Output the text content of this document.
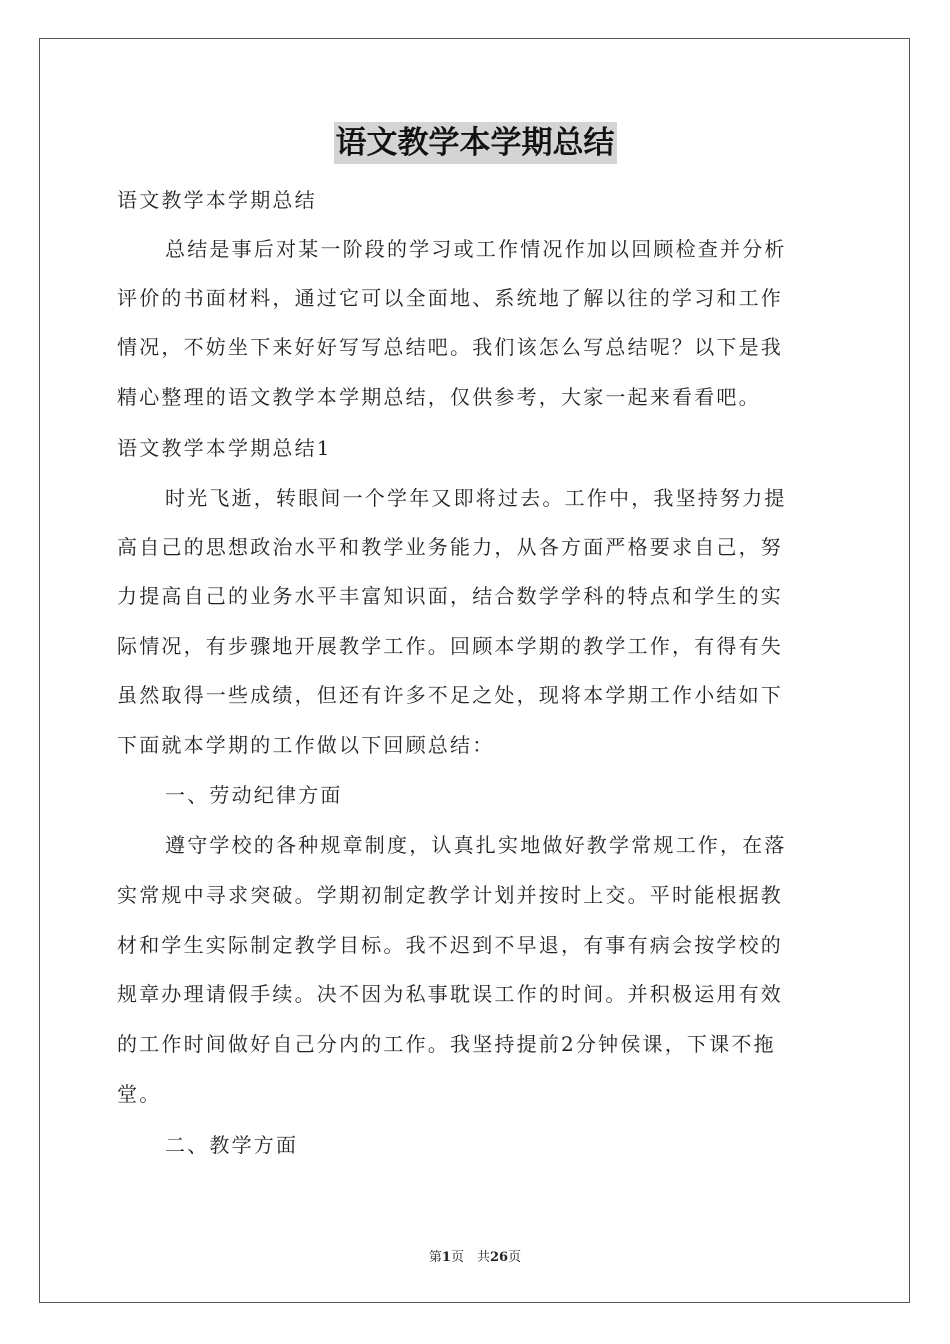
语文教学本学期总结
语文教学本学期总结
总结是事后对某一阶段的学习或工作情况作加以回顾检查并分析
评价的书面材料，通过它可以全面地、系统地了解以往的学习和工作
情况，不妨坐下来好好写写总结吧。我们该怎么写总结呢？以下是我
精心整理的语文教学本学期总结，仅供参考，大家一起来看看吧。
语文教学本学期总结1
时光飞逝，转眼间一个学年又即将过去。工作中，我坚持努力提
高自己的思想政治水平和教学业务能力，从各方面严格要求自己，努
力提高自己的业务水平丰富知识面，结合数学学科的特点和学生的实
际情况，有步骤地开展教学工作。回顾本学期的教学工作，有得有失
虽然取得一些成绩，但还有许多不足之处，现将本学期工作小结如下
下面就本学期的工作做以下回顾总结：
一、劳动纪律方面
遵守学校的各种规章制度，认真扎实地做好教学常规工作，在落
实常规中寻求突破。学期初制定教学计划并按时上交。平时能根据教
材和学生实际制定教学目标。我不迟到不早退，有事有病会按学校的
规章办理请假手续。决不因为私事耽误工作的时间。并积极运用有效
的工作时间做好自己分内的工作。我坚持提前2分钟侯课，下课不拖
堂。
二、教学方面
第1页　共26页
